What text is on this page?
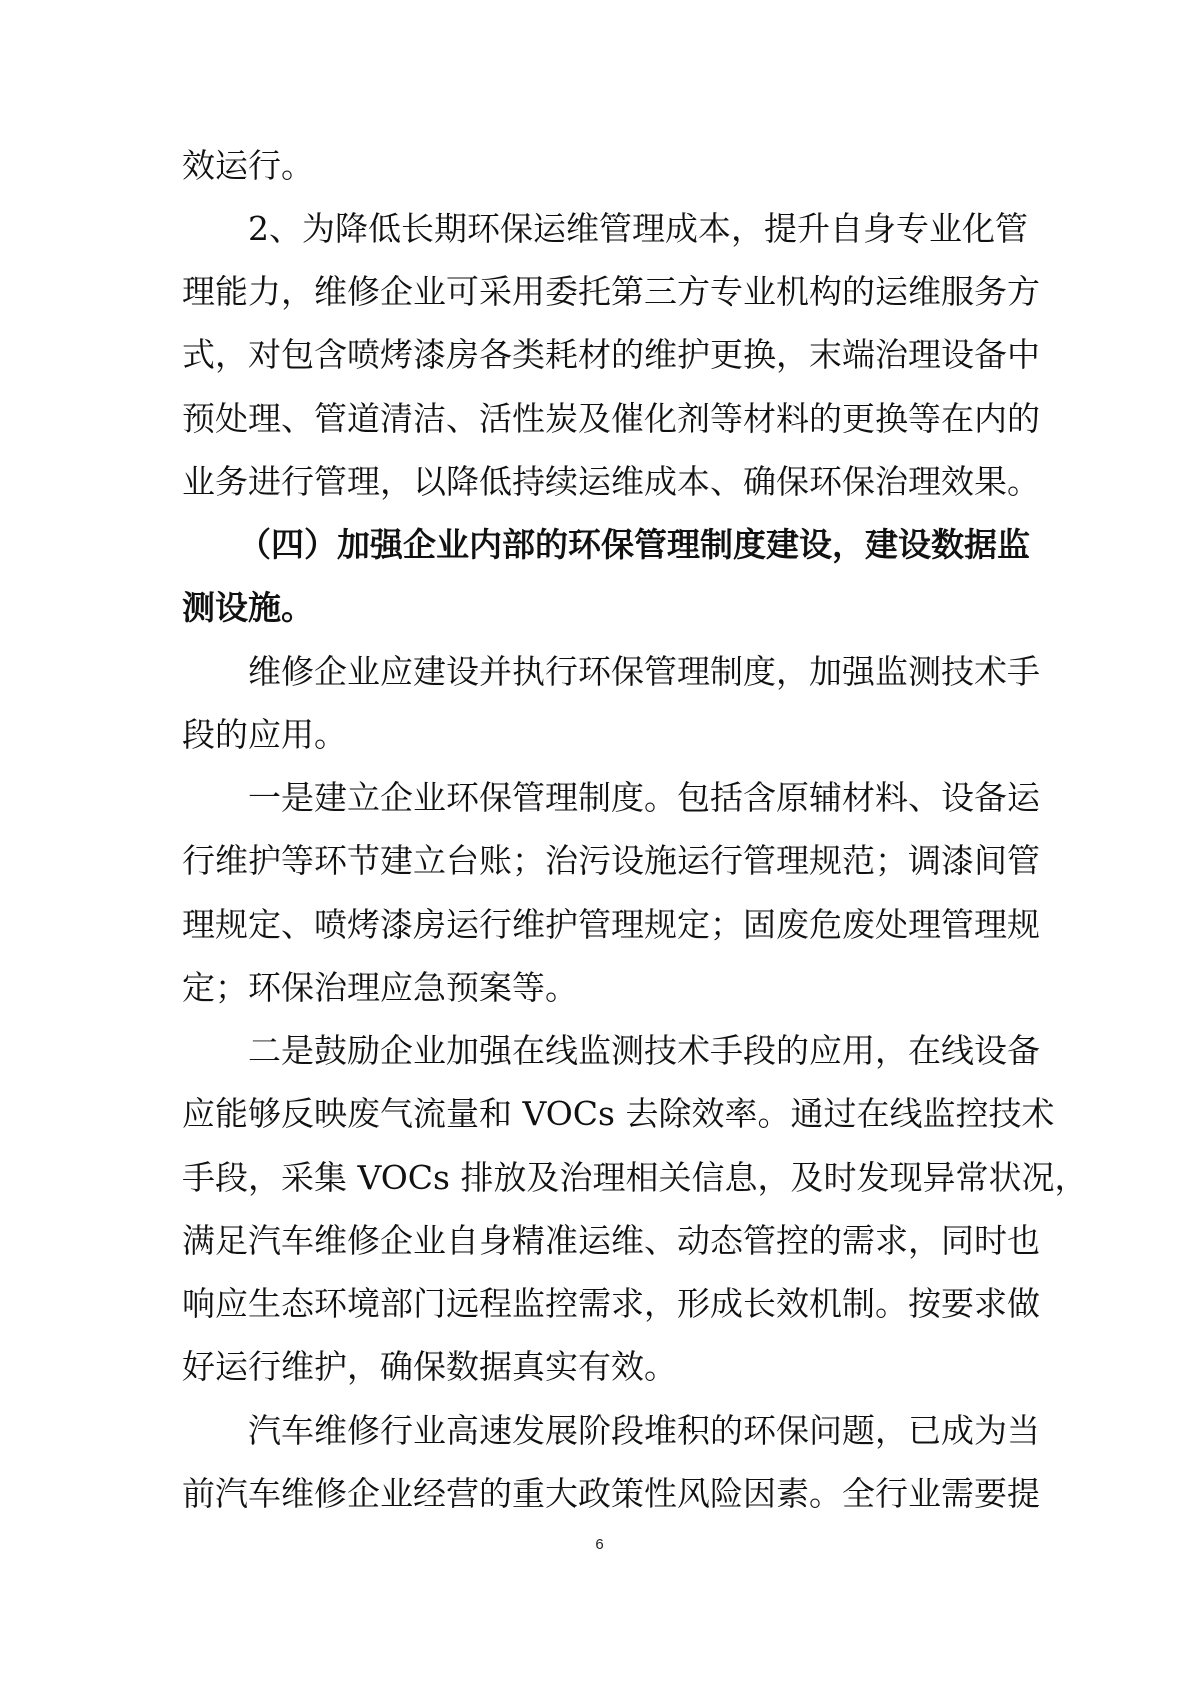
效运行。
2、为降低长期环保运维管理成本，提升自身专业化管
理能力，维修企业可采用委托第三方专业机构的运维服务方
式，对包含喷烤漆房各类耗材的维护更换，末端治理设备中
预处理、管道清洁、活性炭及催化剂等材料的更换等在内的
业务进行管理，以降低持续运维成本、确保环保治理效果。
（四）加强企业内部的环保管理制度建设，建设数据监
测设施。
维修企业应建设并执行环保管理制度，加强监测技术手
段的应用。
一是建立企业环保管理制度。包括含原辅材料、设备运
行维护等环节建立台账；治污设施运行管理规范；调漆间管
理规定、喷烤漆房运行维护管理规定；固废危废处理管理规
定；环保治理应急预案等。
二是鼓励企业加强在线监测技术手段的应用，在线设备
应能够反映废气流量和 VOCs 去除效率。通过在线监控技术
手段，采集 VOCs 排放及治理相关信息，及时发现异常状况，
满足汽车维修企业自身精准运维、动态管控的需求，同时也
响应生态环境部门远程监控需求，形成长效机制。按要求做
好运行维护，确保数据真实有效。
汽车维修行业高速发展阶段堆积的环保问题，已成为当
前汽车维修企业经营的重大政策性风险因素。全行业需要提
6
